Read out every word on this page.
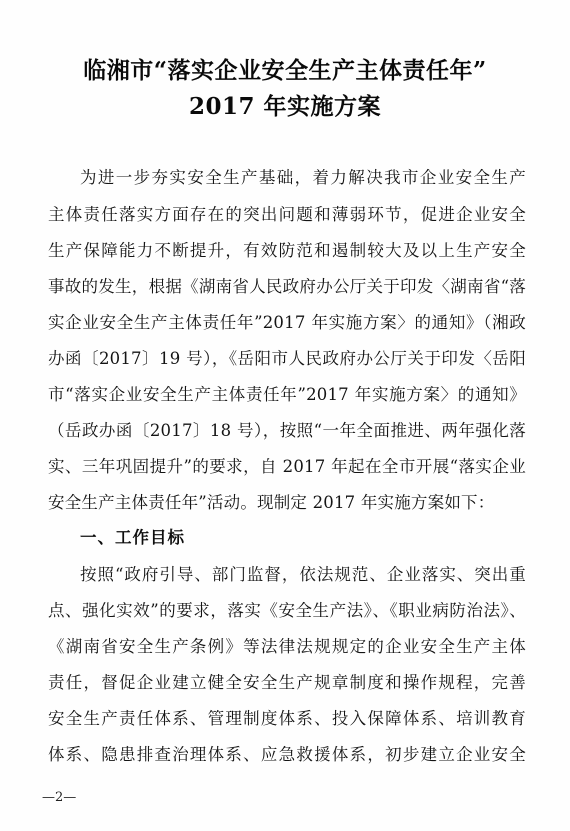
临湘市“落实企业安全生产主体责任年”
2017 年实施方案
为进一步夯实安全生产基础，着力解决我市企业安全生产
主体责任落实方面存在的突出问题和薄弱环节，促进企业安全
生产保障能力不断提升，有效防范和遏制较大及以上生产安全
事故的发生，根据《湖南省人民政府办公厅关于印发〈湖南省“落
实企业安全生产主体责任年”2017 年实施方案〉的通知》（湘政
办函〔2017〕19 号），《岳阳市人民政府办公厅关于印发〈岳阳
市“落实企业安全生产主体责任年”2017 年实施方案〉的通知》
（岳政办函〔2017〕18 号），按照“一年全面推进、两年强化落
实、三年巩固提升”的要求，自 2017 年起在全市开展“落实企业
安全生产主体责任年”活动。现制定 2017 年实施方案如下：
一、工作目标
按照“政府引导、部门监督，依法规范、企业落实、突出重
点、强化实效”的要求，落实《安全生产法》、《职业病防治法》、
《湖南省安全生产条例》等法律法规规定的企业安全生产主体
责任，督促企业建立健全安全生产规章制度和操作规程，完善
安全生产责任体系、管理制度体系、投入保障体系、培训教育
体系、隐患排查治理体系、应急救援体系，初步建立企业安全
—2—
